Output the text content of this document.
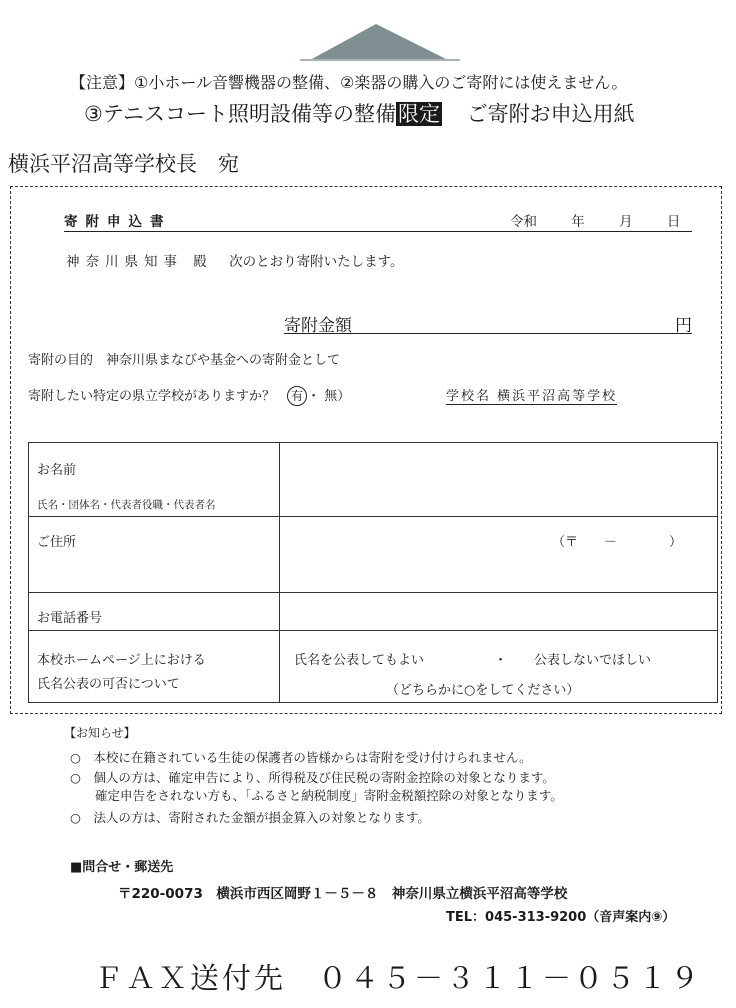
【注意】①小ホール音響機器の整備、②楽器の購入のご寄附には使えません。
③テニスコート照明設備等の整備限定 ご寄附お申込用紙
横浜平沼高等学校長　宛
寄附申込書	令和	年	月	日
神奈川県知事 殿 次のとおり寄附いたします。
寄附金額	円
寄附の目的　神奈川県まなびや基金への寄附金として
寄附したい特定の県立学校がありますか？ 有 ・ 無）	学校名 横浜平沼高等学校
お名前
氏名・団体名・代表者役職・代表者名	

ご住所	（〒　　－　　　　）

お電話番号	

本校ホームページ上における
氏名公表の可否について	氏名を公表してもよい ・ 公表しないでほしい
（どちらかに○をしてください）
【お知らせ】
○　本校に在籍されている生徒の保護者の皆様からは寄附を受け付けられません。
○　個人の方は、確定申告により、所得税及び住民税の寄附金控除の対象となります。
　　確定申告をされない方も、「ふるさと納税制度」寄附金税額控除の対象となります。
○　法人の方は、寄附された金額が損金算入の対象となります。
■問合せ・郵送先
〒220-0073　横浜市西区岡野１－５－８　神奈川県立横浜平沼高等学校
TEL：045-313-9200（音声案内⑨）
ＦＡＸ送付先　０４５－３１１－０５１９
